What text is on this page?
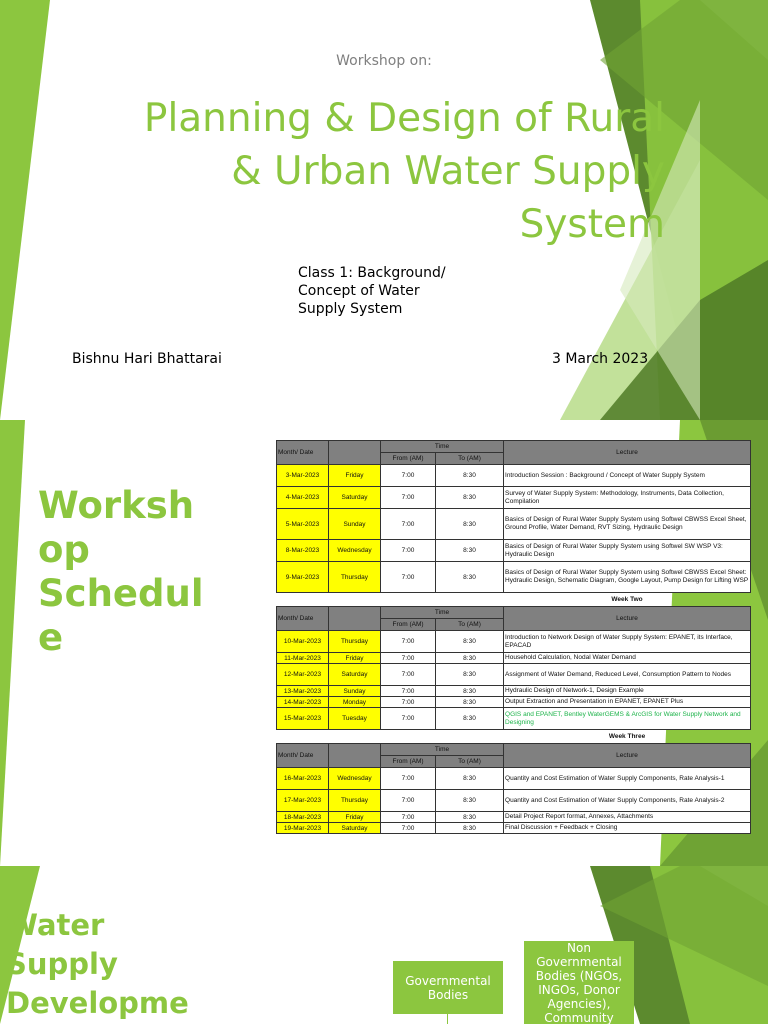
Workshop on:
Planning & Design of Rural
& Urban Water Supply
System
Class 1: Background/
Concept of Water
Supply System
Bishnu Hari Bhattarai	3 March 2023
Worksh
op
Schedul
e
Month/ Date		Time		Lecture
		From (AM)	To (AM)	
3-Mar-2023	Friday	7:00	8:30	Introduction Session : Background / Concept of Water Supply System
4-Mar-2023	Saturday	7:00	8:30	Survey of Water Supply System: Methodology, Instruments, Data Collection, Compilation
5-Mar-2023	Sunday	7:00	8:30	Basics of Design of Rural Water Supply System using Softwel CBWSS Excel Sheet, Ground Profile, Water Demand, RVT Sizing, Hydraulic Design
8-Mar-2023	Wednesday	7:00	8:30	Basics of Design of Rural Water Supply System using Softwel SW WSP V3: Hydraulic Design
9-Mar-2023	Thursday	7:00	8:30	Basics of Design of Rural Water Supply System using Softwel CBWSS Excel Sheet: Hydraulic Design, Schematic Diagram, Google Layout, Pump Design for Lifting WSP
Week Two
Month/ Date		Time		Lecture
		From (AM)	To (AM)	
10-Mar-2023	Thursday	7:00	8:30	Introduction to Network Design of Water Supply System: EPANET, its Interface, EPACAD
11-Mar-2023	Friday	7:00	8:30	Household Calculation, Nodal Water Demand
12-Mar-2023	Saturday	7:00	8:30	Assignment of Water Demand, Reduced Level, Consumption Pattern to Nodes
13-Mar-2023	Sunday	7:00	8:30	Hydraulic Design of Network-1, Design Example
14-Mar-2023	Monday	7:00	8:30	Output Extraction and Presentation in EPANET, EPANET Plus
15-Mar-2023	Tuesday	7:00	8:30	QGIS and EPANET, Bentley WaterGEMS & ArcGIS for Water Supply Network and Designing
Week Three
Month/ Date		Time		Lecture
		From (AM)	To (AM)	
16-Mar-2023	Wednesday	7:00	8:30	Quantity and Cost Estimation of Water Supply Components, Rate Analysis-1
17-Mar-2023	Thursday	7:00	8:30	Quantity and Cost Estimation of Water Supply Components, Rate Analysis-2
18-Mar-2023	Friday	7:00	8:30	Detail Project Report format, Annexes, Attachments
19-Mar-2023	Saturday	7:00	8:30	Final Discussion + Feedback + Closing
Water
Supply
Developme
Governmental Bodies
Non Governmental Bodies (NGOs, INGOs, Donor Agencies), Community
